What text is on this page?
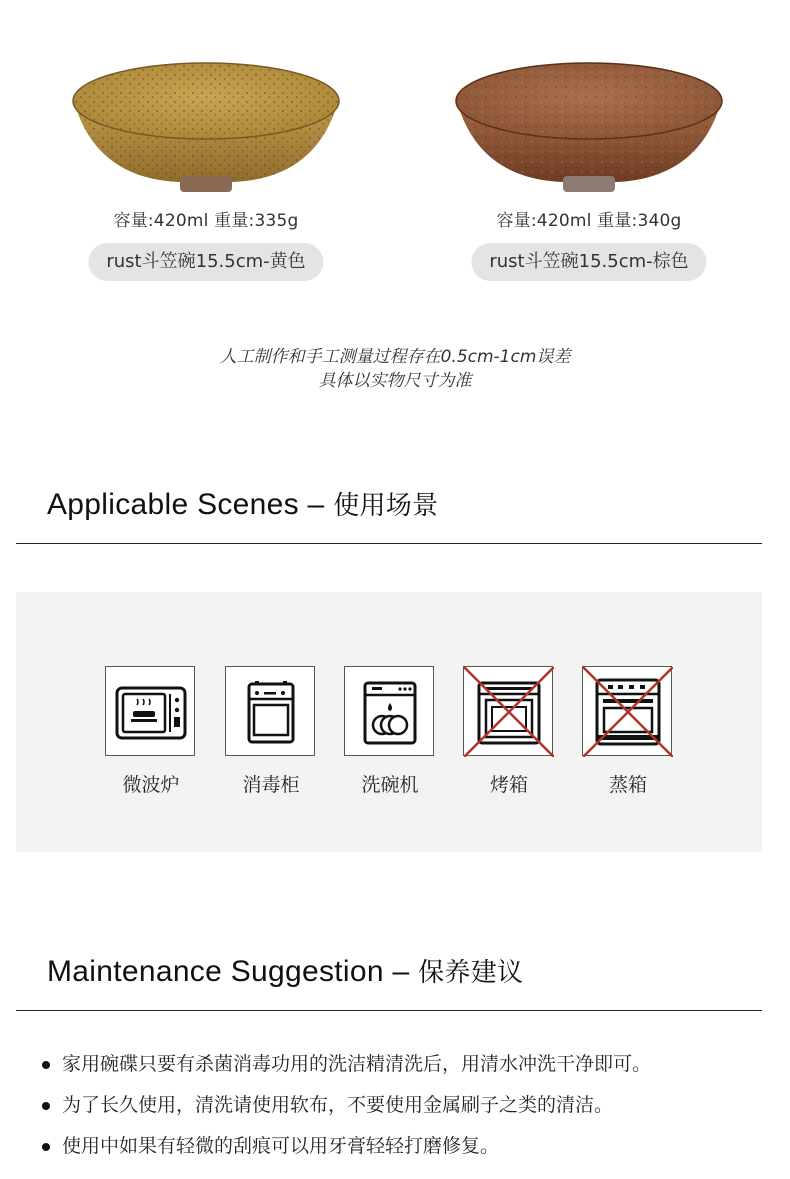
容量:420ml 重量:335g
rust斗笠碗15.5cm-黄色
容量:420ml 重量:340g
rust斗笠碗15.5cm-棕色
人工制作和手工测量过程存在0.5cm-1cm误差
具体以实物尺寸为准
Applicable Scenes – 使用场景
微波炉	消毒柜	洗碗机	烤箱	蒸箱
Maintenance Suggestion – 保养建议
家用碗碟只要有杀菌消毒功用的洗洁精清洗后，用清水冲洗干净即可。
为了长久使用，清洗请使用软布，不要使用金属刷子之类的清洁。
使用中如果有轻微的刮痕可以用牙膏轻轻打磨修复。
